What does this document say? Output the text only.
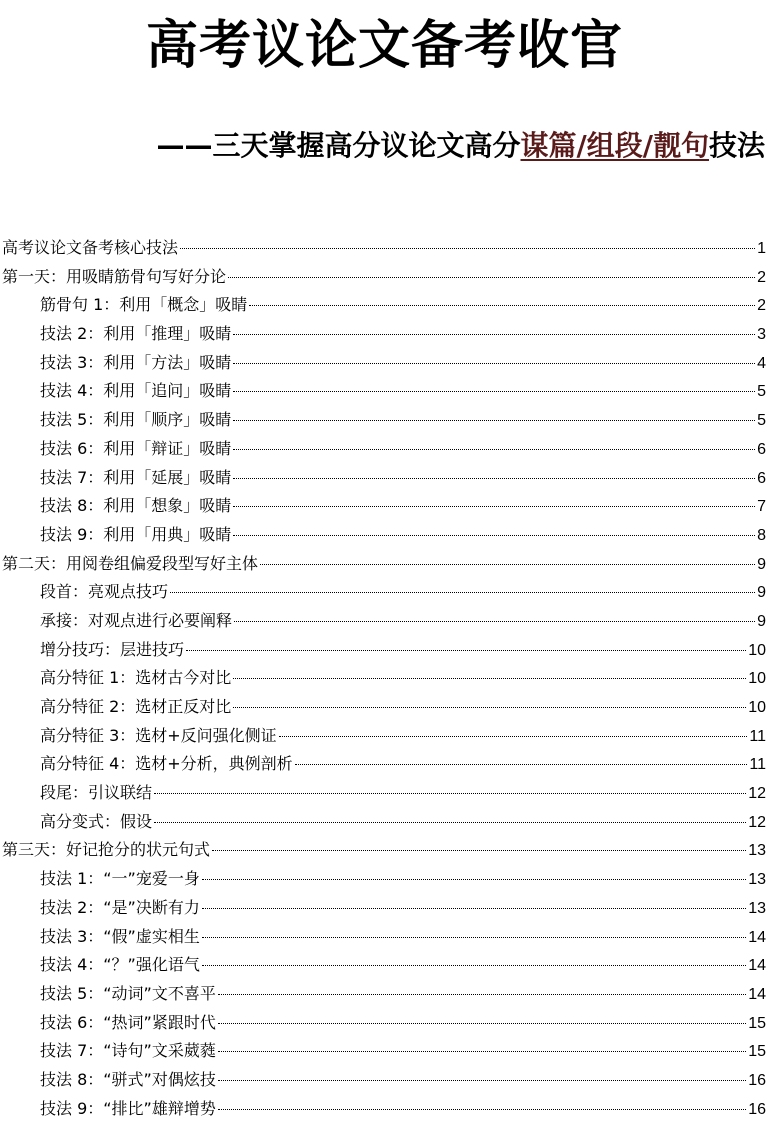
高考议论文备考收官
——三天掌握高分议论文高分谋篇/组段/靓句技法
高考议论文备考核心技法	1
第一天：用吸睛筋骨句写好分论	2
筋骨句 1：利用「概念」吸睛	2
技法 2：利用「推理」吸睛	3
技法 3：利用「方法」吸睛	4
技法 4：利用「追问」吸睛	5
技法 5：利用「顺序」吸睛	5
技法 6：利用「辩证」吸睛	6
技法 7：利用「延展」吸睛	6
技法 8：利用「想象」吸睛	7
技法 9：利用「用典」吸睛	8
第二天：用阅卷组偏爱段型写好主体	9
段首：亮观点技巧	9
承接：对观点进行必要阐释	9
增分技巧：层进技巧	10
高分特征 1：选材古今对比	10
高分特征 2：选材正反对比	10
高分特征 3：选材+反问强化侧证	11
高分特征 4：选材+分析，典例剖析	11
段尾：引议联结	12
高分变式：假设	12
第三天：好记抢分的状元句式	13
技法 1：“一”宠爱一身	13
技法 2：“是”决断有力	13
技法 3：“假”虚实相生	14
技法 4：“？”强化语气	14
技法 5：“动词”文不喜平	14
技法 6：“热词”紧跟时代	15
技法 7：“诗句”文采葳蕤	15
技法 8：“骈式”对偶炫技	16
技法 9：“排比”雄辩增势	16
